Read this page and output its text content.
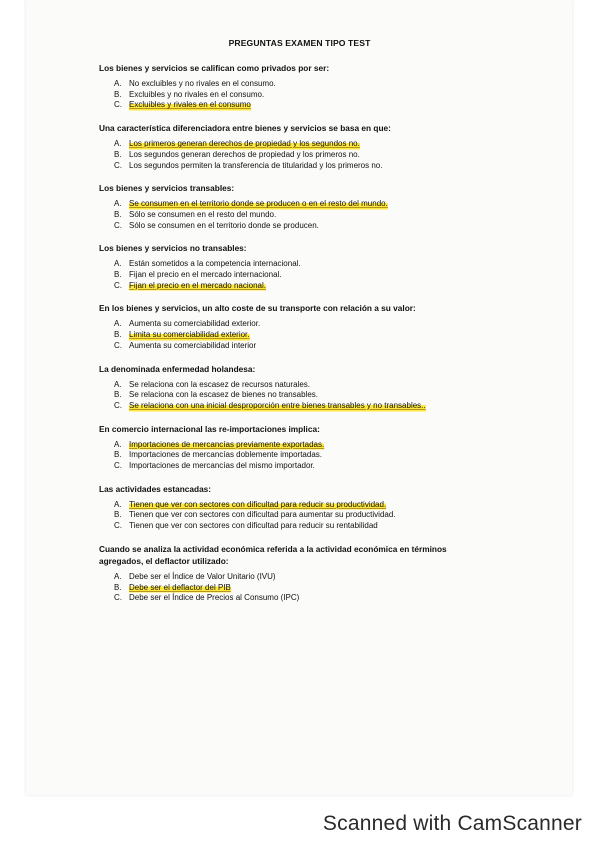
PREGUNTAS EXAMEN TIPO TEST
Los bienes y servicios se califican como privados por ser:
A. No excluibles y no rivales en el consumo.
B. Excluibles y no rivales en el consumo.
C. Excluibles y rivales en el consumo
Una característica diferenciadora entre bienes y servicios se basa en que:
A. Los primeros generan derechos de propiedad y los segundos no.
B. Los segundos generan derechos de propiedad y los primeros no.
C. Los segundos permiten la transferencia de titularidad y los primeros no.
Los bienes y servicios transables:
A. Se consumen en el territorio donde se producen o en el resto del mundo.
B. Sólo se consumen en el resto del mundo.
C. Sólo se consumen en el territorio donde se producen.
Los bienes y servicios no transables:
A. Están sometidos a la competencia internacional.
B. Fijan el precio en el mercado internacional.
C. Fijan el precio en el mercado nacional.
En los bienes y servicios, un alto coste de su transporte con relación a su valor:
A. Aumenta su comerciabilidad exterior.
B. Limita su comerciabilidad exterior.
C. Aumenta su comerciabilidad interior
La denominada enfermedad holandesa:
A. Se relaciona con la escasez de recursos naturales.
B. Se relaciona con la escasez de bienes no transables.
C. Se relaciona con una inicial desproporción entre bienes transables y no transables..
En comercio internacional las re-importaciones implica:
A. Importaciones de mercancías previamente exportadas.
B. Importaciones de mercancías doblemente importadas.
C. Importaciones de mercancías del mismo importador.
Las actividades estancadas:
A. Tienen que ver con sectores con dificultad para reducir su productividad.
B. Tienen que ver con sectores con dificultad para aumentar su productividad.
C. Tienen que ver con sectores con dificultad para reducir su rentabilidad
Cuando se analiza la actividad económica referida a la actividad económica en términos agregados, el deflactor utilizado:
A. Debe ser el Índice de Valor Unitario (IVU)
B. Debe ser el deflactor del PIB
C. Debe ser el Índice de Precios al Consumo (IPC)
Scanned with CamScanner
